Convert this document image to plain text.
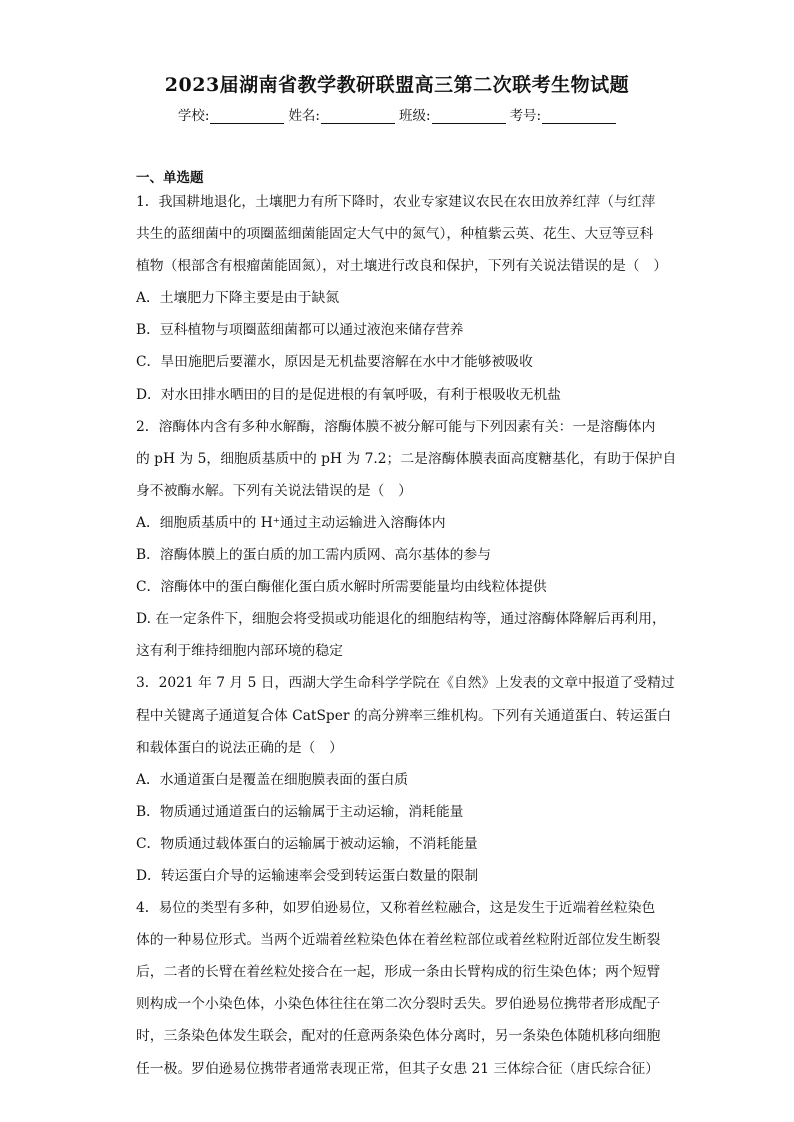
2023届湖南省教学教研联盟高三第二次联考生物试题
学校:	姓名:	班级:	考号:
一、单选题
1．我国耕地退化，土壤肥力有所下降时，农业专家建议农民在农田放养红萍（与红萍
共生的蓝细菌中的项圈蓝细菌能固定大气中的氮气），种植紫云英、花生、大豆等豆科
植物（根部含有根瘤菌能固氮），对土壤进行改良和保护，下列有关说法错误的是（　）
A．土壤肥力下降主要是由于缺氮
B．豆科植物与项圈蓝细菌都可以通过液泡来储存营养
C．旱田施肥后要灌水，原因是无机盐要溶解在水中才能够被吸收
D．对水田排水晒田的目的是促进根的有氧呼吸，有利于根吸收无机盐
2．溶酶体内含有多种水解酶，溶酶体膜不被分解可能与下列因素有关：一是溶酶体内
的 pH 为 5，细胞质基质中的 pH 为 7.2；二是溶酶体膜表面高度糖基化，有助于保护自
身不被酶水解。下列有关说法错误的是（　）
A．细胞质基质中的 H⁺通过主动运输进入溶酶体内
B．溶酶体膜上的蛋白质的加工需内质网、高尔基体的参与
C．溶酶体中的蛋白酶催化蛋白质水解时所需要能量均由线粒体提供
D. 在一定条件下，细胞会将受损或功能退化的细胞结构等，通过溶酶体降解后再利用，
这有利于维持细胞内部环境的稳定
3．2021 年 7 月 5 日，西湖大学生命科学学院在《自然》上发表的文章中报道了受精过
程中关键离子通道复合体 CatSper 的高分辨率三维机构。下列有关通道蛋白、转运蛋白
和载体蛋白的说法正确的是（　）
A．水通道蛋白是覆盖在细胞膜表面的蛋白质
B．物质通过通道蛋白的运输属于主动运输，消耗能量
C．物质通过载体蛋白的运输属于被动运输，不消耗能量
D．转运蛋白介导的运输速率会受到转运蛋白数量的限制
4．易位的类型有多种，如罗伯逊易位，又称着丝粒融合，这是发生于近端着丝粒染色
体的一种易位形式。当两个近端着丝粒染色体在着丝粒部位或着丝粒附近部位发生断裂
后，二者的长臂在着丝粒处接合在一起，形成一条由长臂构成的衍生染色体；两个短臂
则构成一个小染色体，小染色体往往在第二次分裂时丢失。罗伯逊易位携带者形成配子
时，三条染色体发生联会，配对的任意两条染色体分离时，另一条染色体随机移向细胞
任一极。罗伯逊易位携带者通常表现正常，但其子女患 21 三体综合征（唐氏综合征）
